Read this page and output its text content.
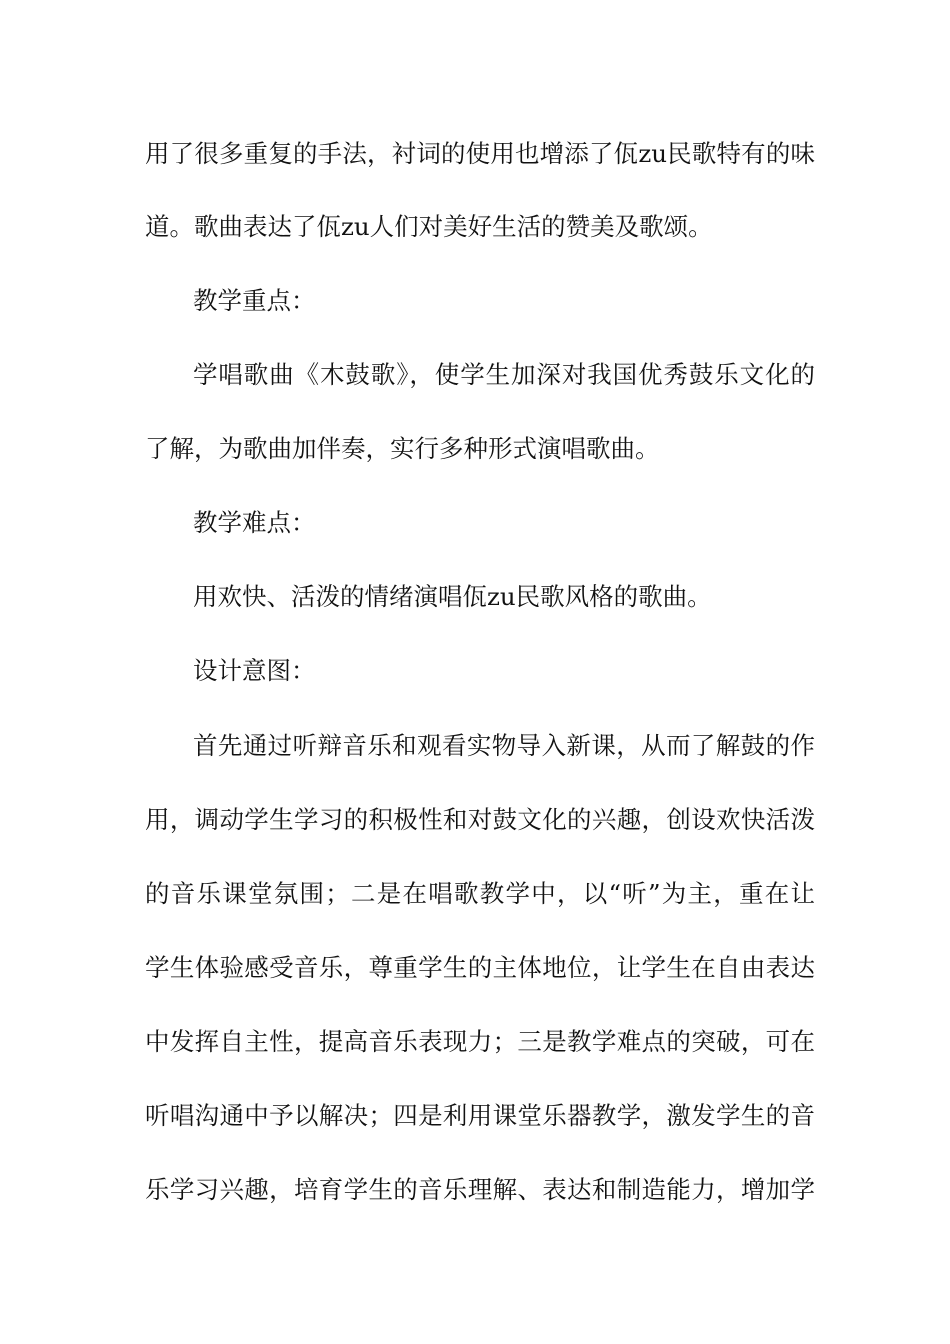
用了很多重复的手法，衬词的使用也增添了佤zu民歌特有的味
道。歌曲表达了佤zu人们对美好生活的赞美及歌颂。
教学重点：
学唱歌曲《木鼓歌》，使学生加深对我国优秀鼓乐文化的
了解，为歌曲加伴奏，实行多种形式演唱歌曲。
教学难点：
用欢快、活泼的情绪演唱佤zu民歌风格的歌曲。
设计意图：
首先通过听辩音乐和观看实物导入新课，从而了解鼓的作
用，调动学生学习的积极性和对鼓文化的兴趣，创设欢快活泼
的音乐课堂氛围；二是在唱歌教学中，以“听”为主，重在让
学生体验感受音乐，尊重学生的主体地位，让学生在自由表达
中发挥自主性，提高音乐表现力；三是教学难点的突破，可在
听唱沟通中予以解决；四是利用课堂乐器教学，激发学生的音
乐学习兴趣，培育学生的音乐理解、表达和制造能力，增加学
